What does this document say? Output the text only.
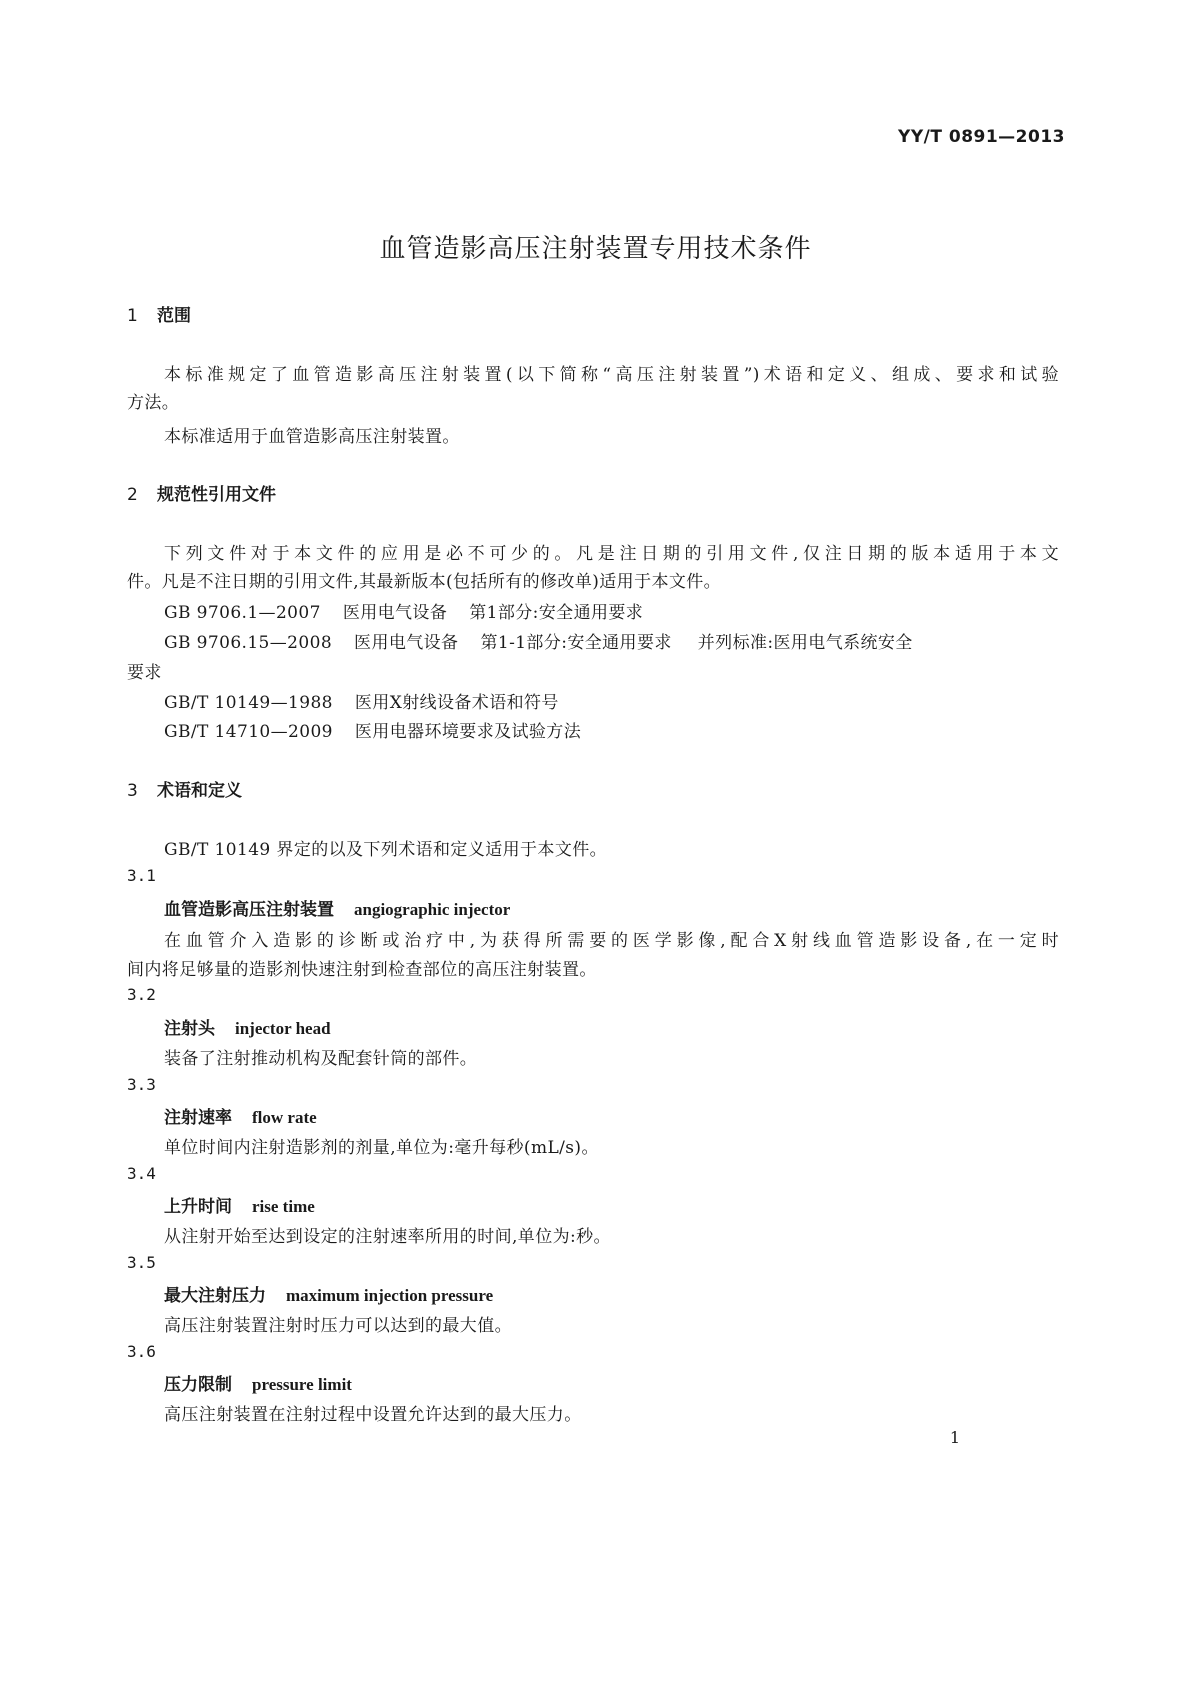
YY/T 0891—2013
血管造影高压注射装置专用技术条件
1 范围
本标准规定了血管造影高压注射装置(以下简称“高压注射装置”)术语和定义、组成、要求和试验
方法。
本标准适用于血管造影高压注射装置。
2 规范性引用文件
下列文件对于本文件的应用是必不可少的。凡是注日期的引用文件,仅注日期的版本适用于本文
件。凡是不注日期的引用文件,其最新版本(包括所有的修改单)适用于本文件。
GB 9706.1—2007 医用电气设备 第1部分:安全通用要求
GB 9706.15—2008 医用电气设备 第1-1部分:安全通用要求 并列标准:医用电气系统安全
要求
GB/T 10149—1988 医用X射线设备术语和符号
GB/T 14710—2009 医用电器环境要求及试验方法
3 术语和定义
GB/T 10149 界定的以及下列术语和定义适用于本文件。
3.1
血管造影高压注射装置 angiographic injector
在血管介入造影的诊断或治疗中,为获得所需要的医学影像,配合X射线血管造影设备,在一定时
间内将足够量的造影剂快速注射到检查部位的高压注射装置。
3.2
注射头 injector head
装备了注射推动机构及配套针筒的部件。
3.3
注射速率 flow rate
单位时间内注射造影剂的剂量,单位为:毫升每秒(mL/s)。
3.4
上升时间 rise time
从注射开始至达到设定的注射速率所用的时间,单位为:秒。
3.5
最大注射压力 maximum injection pressure
高压注射装置注射时压力可以达到的最大值。
3.6
压力限制 pressure limit
高压注射装置在注射过程中设置允许达到的最大压力。
1
